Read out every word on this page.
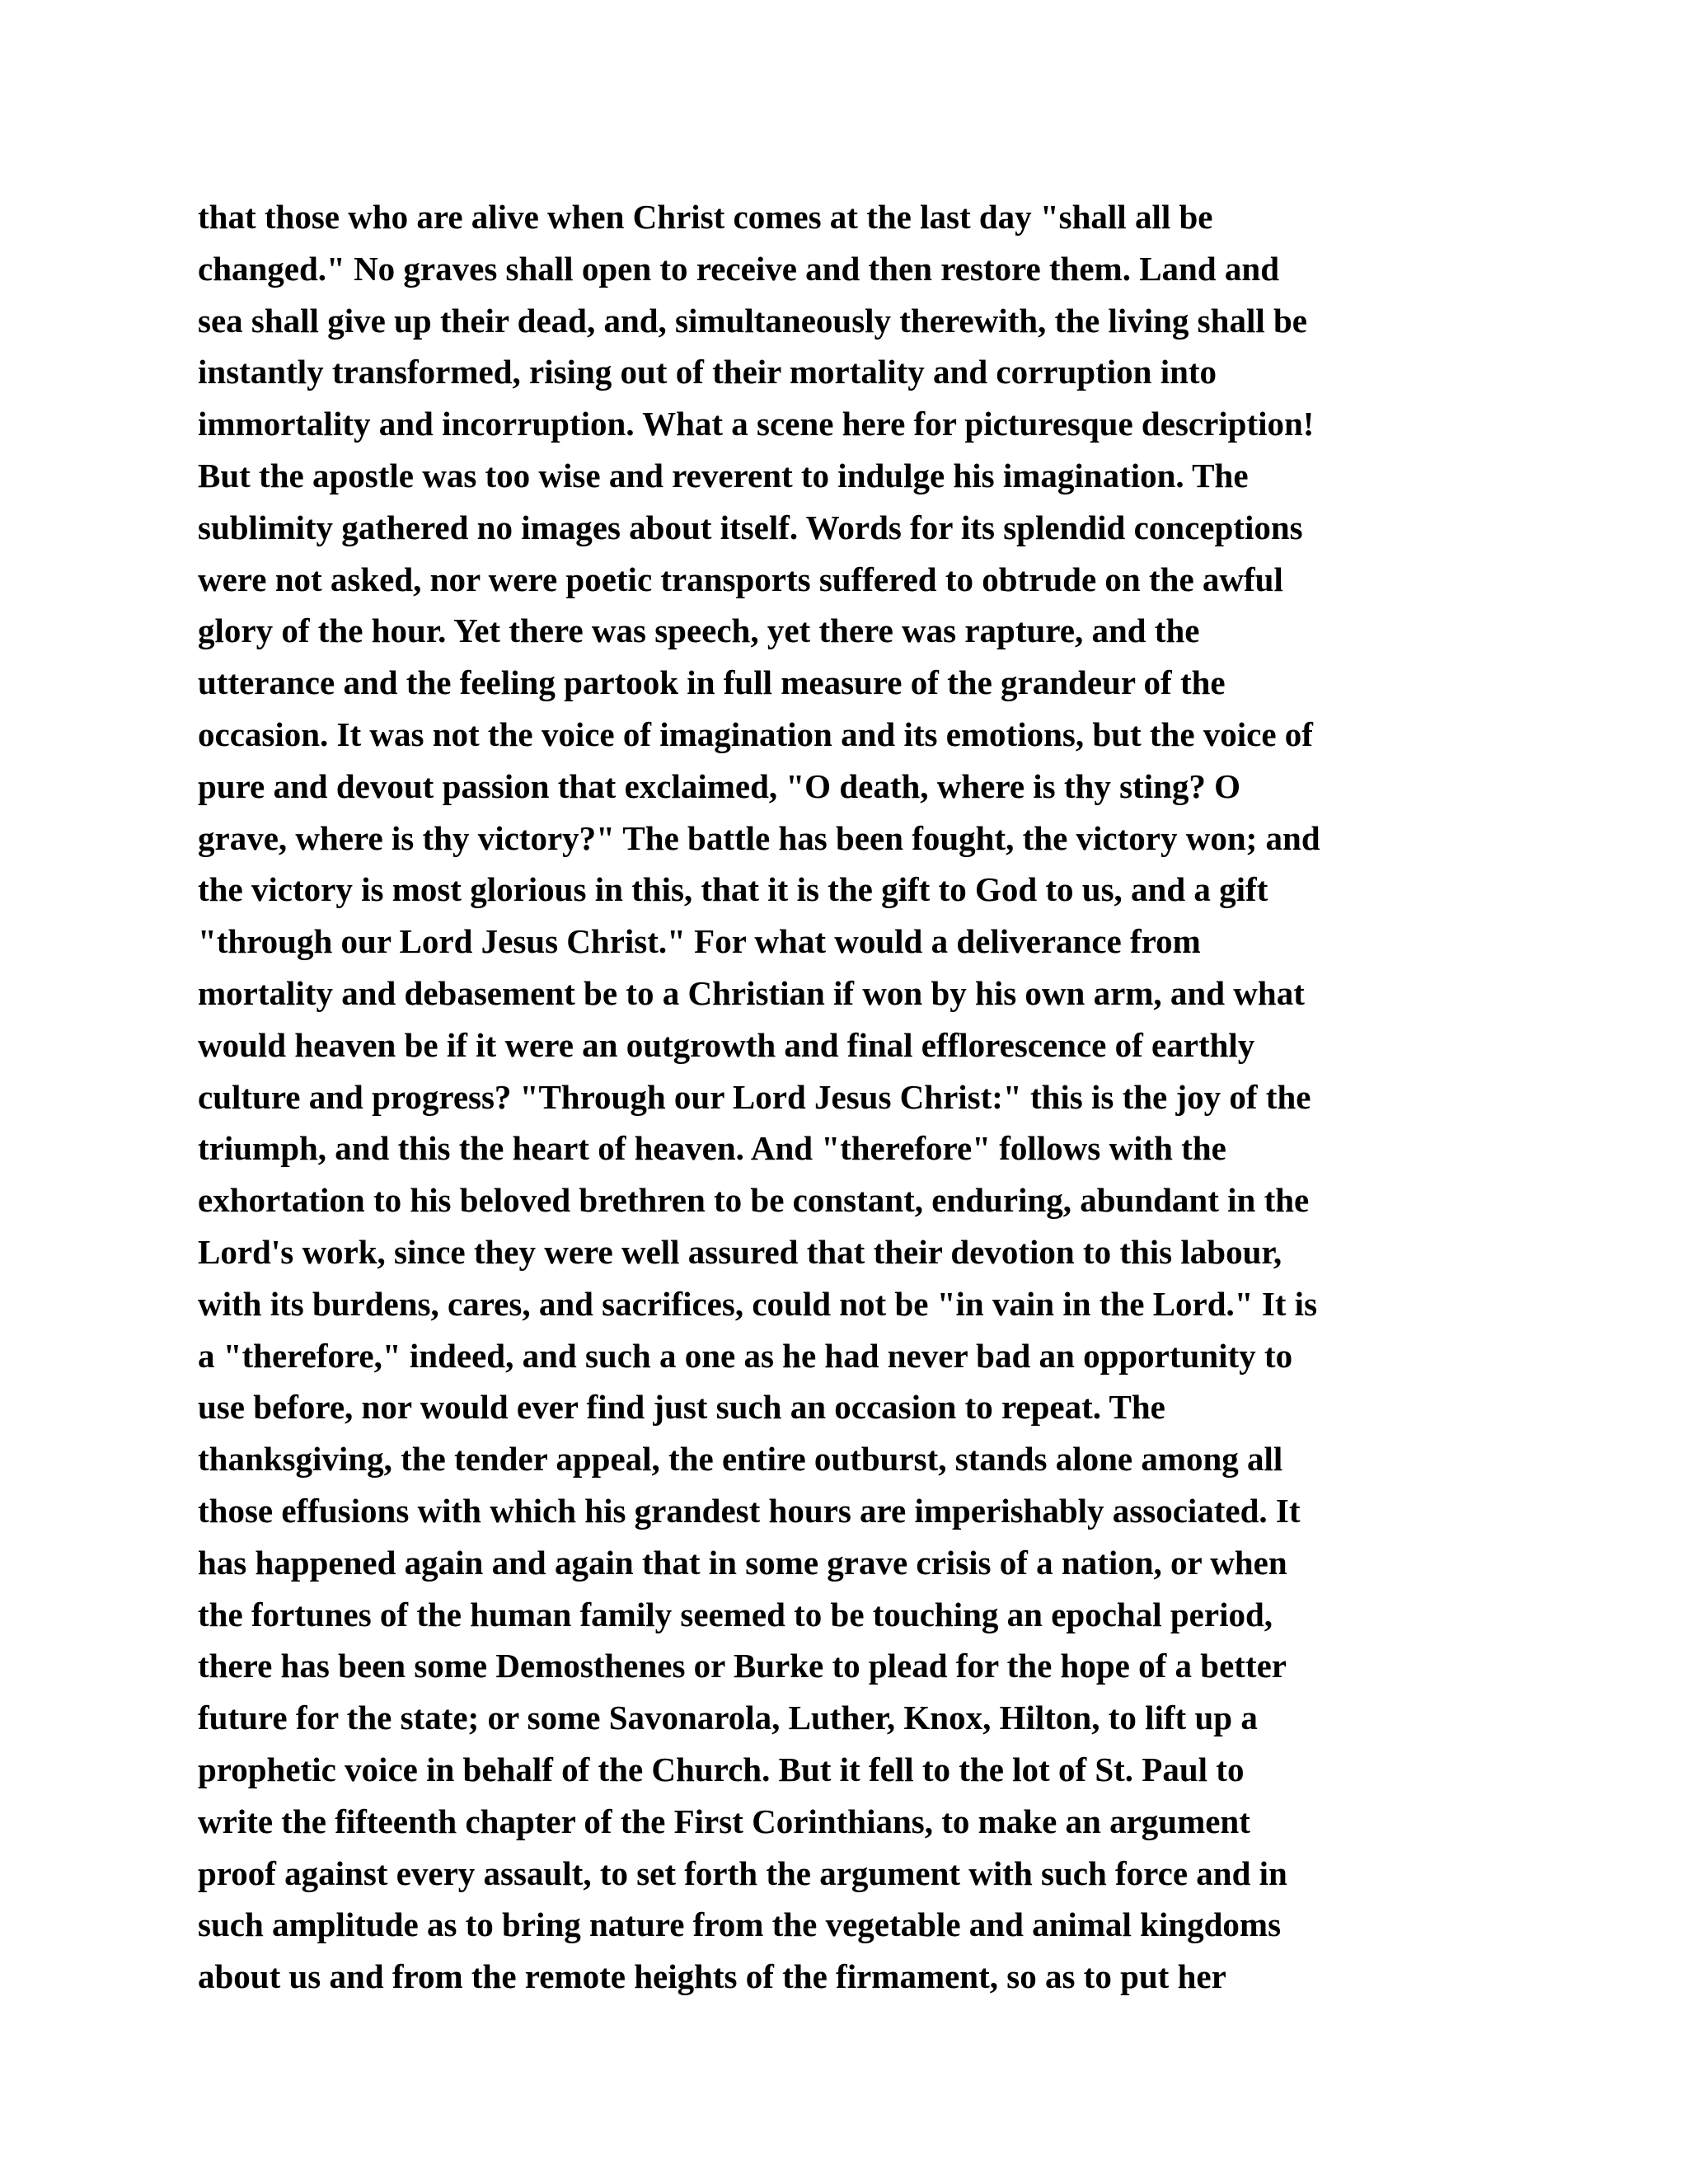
that those who are alive when Christ comes at the last day "shall all be
changed." No graves shall open to receive and then restore them. Land and
sea shall give up their dead, and, simultaneously therewith, the living shall be
instantly transformed, rising out of their mortality and corruption into
immortality and incorruption. What a scene here for picturesque description!
But the apostle was too wise and reverent to indulge his imagination. The
sublimity gathered no images about itself. Words for its splendid conceptions
were not asked, nor were poetic transports suffered to obtrude on the awful
glory of the hour. Yet there was speech, yet there was rapture, and the
utterance and the feeling partook in full measure of the grandeur of the
occasion. It was not the voice of imagination and its emotions, but the voice of
pure and devout passion that exclaimed, "O death, where is thy sting? O
grave, where is thy victory?" The battle has been fought, the victory won; and
the victory is most glorious in this, that it is the gift to God to us, and a gift
"through our Lord Jesus Christ." For what would a deliverance from
mortality and debasement be to a Christian if won by his own arm, and what
would heaven be if it were an outgrowth and final efflorescence of earthly
culture and progress? "Through our Lord Jesus Christ:" this is the joy of the
triumph, and this the heart of heaven. And "therefore" follows with the
exhortation to his beloved brethren to be constant, enduring, abundant in the
Lord's work, since they were well assured that their devotion to this labour,
with its burdens, cares, and sacrifices, could not be "in vain in the Lord." It is
a "therefore," indeed, and such a one as he had never bad an opportunity to
use before, nor would ever find just such an occasion to repeat. The
thanksgiving, the tender appeal, the entire outburst, stands alone among all
those effusions with which his grandest hours are imperishably associated. It
has happened again and again that in some grave crisis of a nation, or when
the fortunes of the human family seemed to be touching an epochal period,
there has been some Demosthenes or Burke to plead for the hope of a better
future for the state; or some Savonarola, Luther, Knox, Hilton, to lift up a
prophetic voice in behalf of the Church. But it fell to the lot of St. Paul to
write the fifteenth chapter of the First Corinthians, to make an argument
proof against every assault, to set forth the argument with such force and in
such amplitude as to bring nature from the vegetable and animal kingdoms
about us and from the remote heights of the firmament, so as to put her
